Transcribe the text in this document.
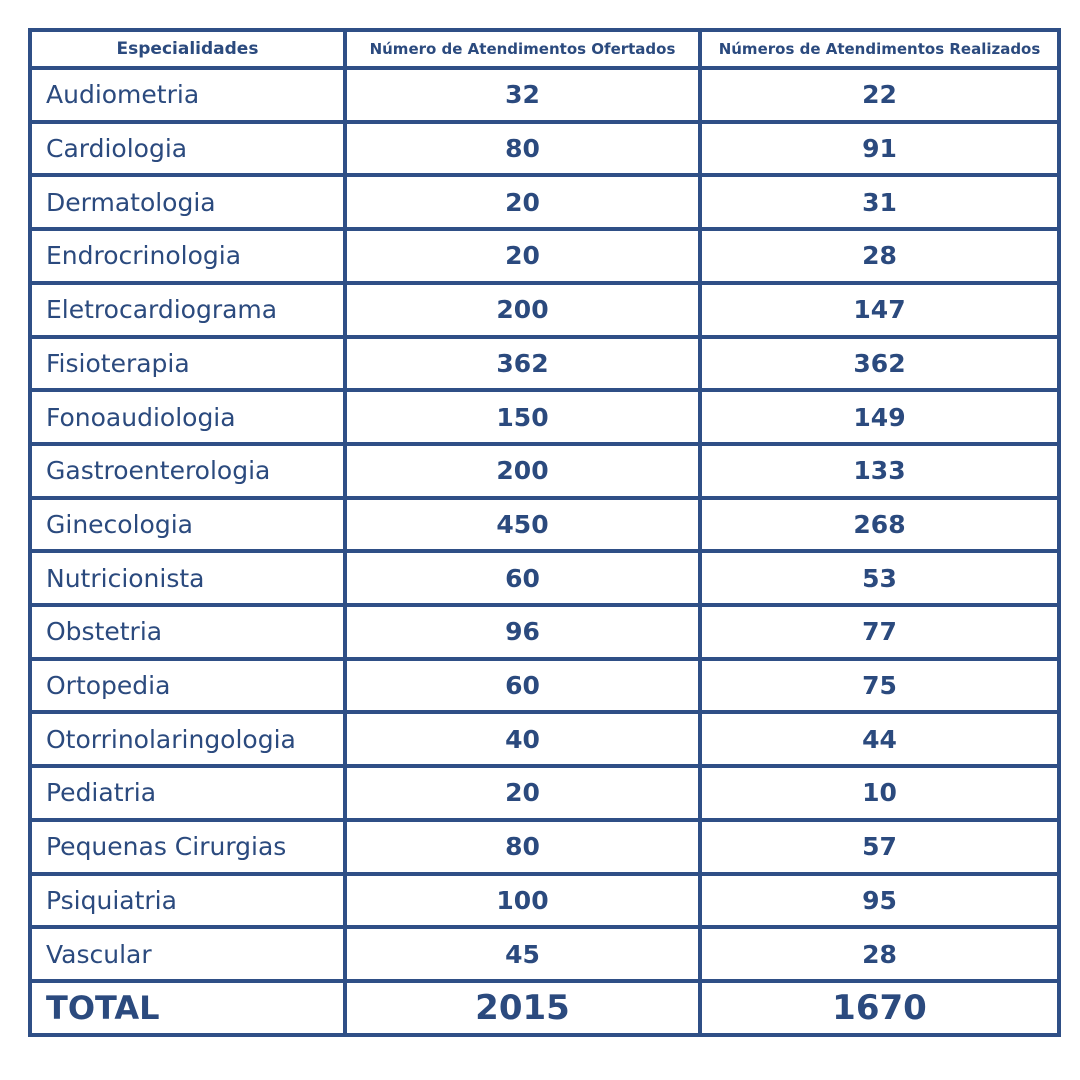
Especialidades	Número de Atendimentos Ofertados	Números de Atendimentos Realizados
Audiometria	32	22
Cardiologia	80	91
Dermatologia	20	31
Endrocrinologia	20	28
Eletrocardiograma	200	147
Fisioterapia	362	362
Fonoaudiologia	150	149
Gastroenterologia	200	133
Ginecologia	450	268
Nutricionista	60	53
Obstetria	96	77
Ortopedia	60	75
Otorrinolaringologia	40	44
Pediatria	20	10
Pequenas Cirurgias	80	57
Psiquiatria	100	95
Vascular	45	28
TOTAL	2015	1670
